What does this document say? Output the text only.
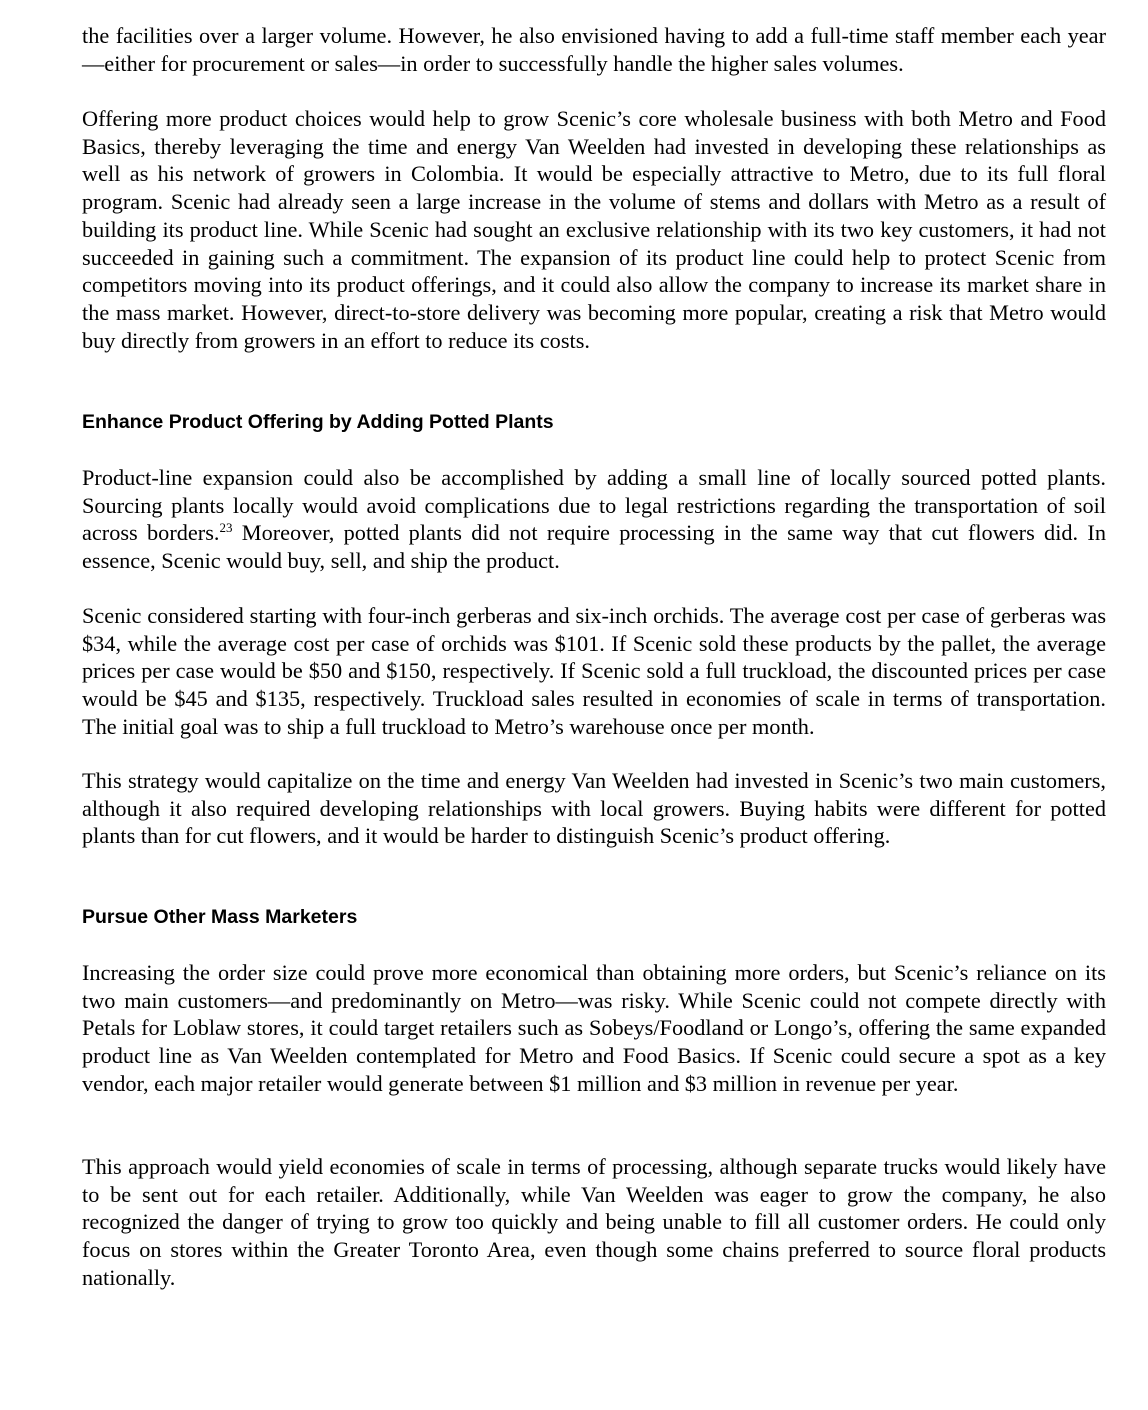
the facilities over a larger volume. However, he also envisioned having to add a full-time staff member each year—either for procurement or sales—in order to successfully handle the higher sales volumes.

Offering more product choices would help to grow Scenic’s core wholesale business with both Metro and Food Basics, thereby leveraging the time and energy Van Weelden had invested in developing these relationships as well as his network of growers in Colombia. It would be especially attractive to Metro, due to its full floral program. Scenic had already seen a large increase in the volume of stems and dollars with Metro as a result of building its product line. While Scenic had sought an exclusive relationship with its two key customers, it had not succeeded in gaining such a commitment. The expansion of its product line could help to protect Scenic from competitors moving into its product offerings, and it could also allow the company to increase its market share in the mass market. However, direct-to-store delivery was becoming more popular, creating a risk that Metro would buy directly from growers in an effort to reduce its costs.

Enhance Product Offering by Adding Potted Plants

Product-line expansion could also be accomplished by adding a small line of locally sourced potted plants. Sourcing plants locally would avoid complications due to legal restrictions regarding the transportation of soil across borders.$^{23}$ Moreover, potted plants did not require processing in the same way that cut flowers did. In essence, Scenic would buy, sell, and ship the product.

Scenic considered starting with four-inch gerberas and six-inch orchids. The average cost per case of gerberas was $34, while the average cost per case of orchids was $101. If Scenic sold these products by the pallet, the average prices per case would be $50 and $150, respectively. If Scenic sold a full truckload, the discounted prices per case would be $45 and $135, respectively. Truckload sales resulted in economies of scale in terms of transportation. The initial goal was to ship a full truckload to Metro’s warehouse once per month.

This strategy would capitalize on the time and energy Van Weelden had invested in Scenic’s two main customers, although it also required developing relationships with local growers. Buying habits were different for potted plants than for cut flowers, and it would be harder to distinguish Scenic’s product offering.

Pursue Other Mass Marketers

Increasing the order size could prove more economical than obtaining more orders, but Scenic’s reliance on its two main customers—and predominantly on Metro—was risky. While Scenic could not compete directly with Petals for Loblaw stores, it could target retailers such as Sobeys/Foodland or Longo’s, offering the same expanded product line as Van Weelden contemplated for Metro and Food Basics. If Scenic could secure a spot as a key vendor, each major retailer would generate between $1 million and $3 million in revenue per year.

This approach would yield economies of scale in terms of processing, although separate trucks would likely have to be sent out for each retailer. Additionally, while Van Weelden was eager to grow the company, he also recognized the danger of trying to grow too quickly and being unable to fill all customer orders. He could only focus on stores within the Greater Toronto Area, even though some chains preferred to source floral products nationally.
